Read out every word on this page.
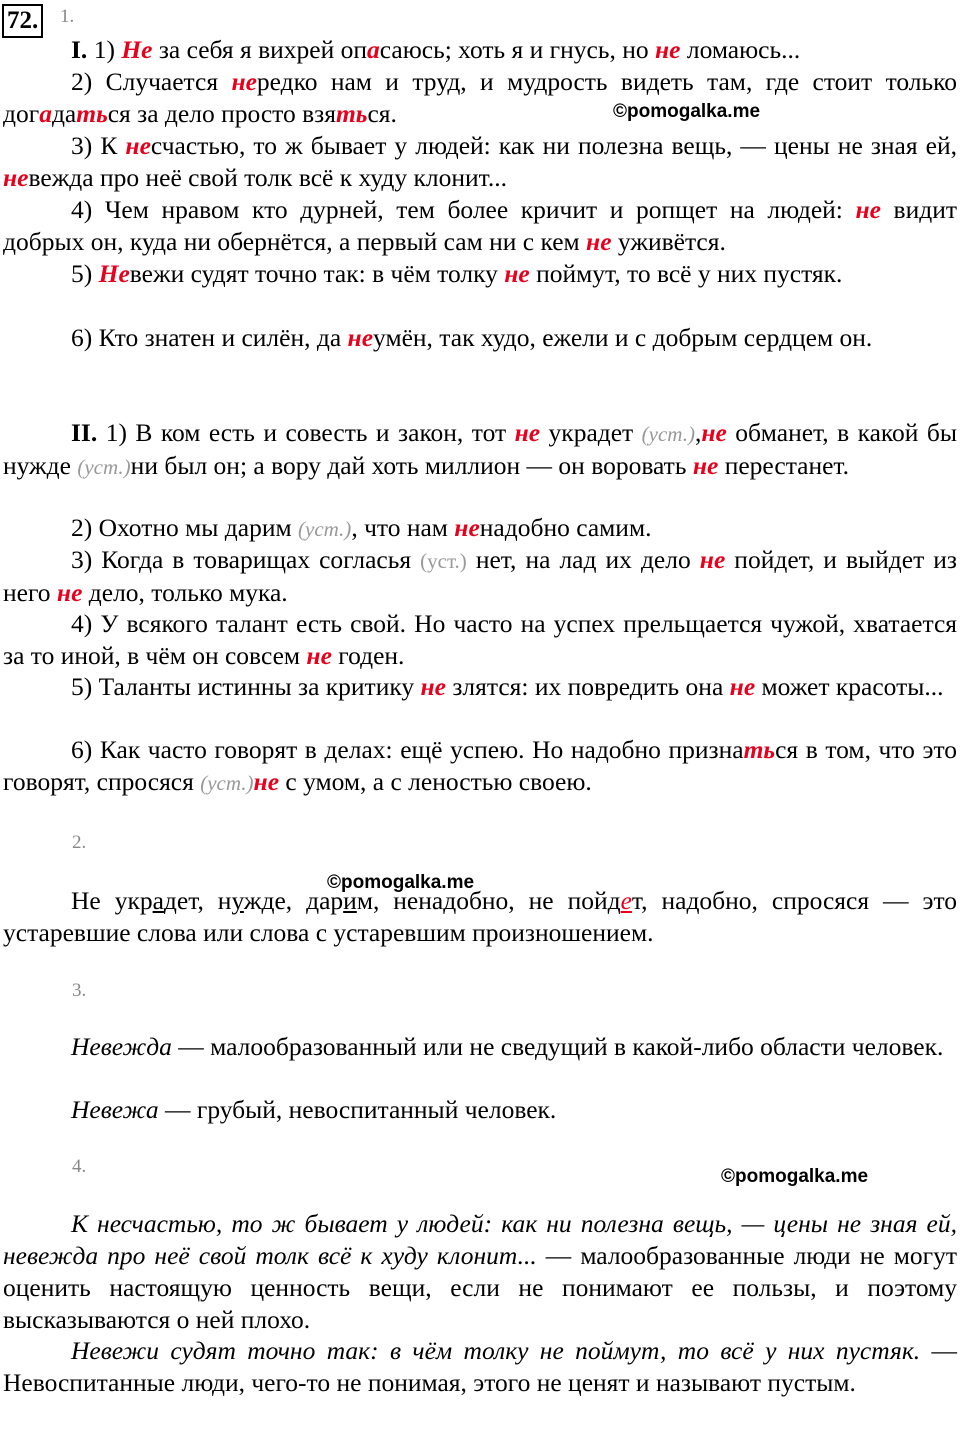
72. 1.

I. 1) Не за себя я вихрей опасаюсь; хоть я и гнусь, но не ломаюсь...

2) Случается нередко нам и труд, и мудрость видеть там, где стоит только догадаться за дело просто взяться.	©pomogalka.me

3) К несчастью, то ж бывает у людей: как ни полезна вещь, — цены не зная ей, невежда про неё свой толк всё к худу клонит...

4) Чем нравом кто дурней, тем более кричит и ропщет на людей: не видит добрых он, куда ни обернётся, а первый сам ни с кем не уживётся.

5) Невежи судят точно так: в чём толку не поймут, то всё у них пустяк.

6) Кто знатен и силён, да неумён, так худо, ежели и с добрым сердцем он.

II. 1) В ком есть и совесть и закон, тот не украдет (уст.),не обманет, в какой бы нужде (уст.)ни был он; а вору дай хоть миллион — он воровать не перестанет.

2) Охотно мы дарим (уст.), что нам ненадобно самим.

3) Когда в товарищах согласья (уст.) нет, на лад их дело не пойдет, и выйдет из него не дело, только мука.

4) У всякого талант есть свой. Но часто на успех прельщается чужой, хватается за то иной, в чём он совсем не годен.

5) Таланты истинны за критику не злятся: их повредить она не может красоты...

6) Как часто говорят в делах: ещё успею. Но надобно признаться в том, что это говорят, спросяся (уст.)не с умом, а с леностью своею.

2.
©pomogalka.me

Не украдет, нужде, дарим, ненадобно, не пойдет, надобно, спросяся — это устаревшие слова или слова с устаревшим произношением.

3.

Невежда — малообразованный или не сведущий в какой-либо области человек.

Невежа — грубый, невоспитанный человек.

4.	©pomogalka.me

К несчастью, то ж бывает у людей: как ни полезна вещь, — цены не зная ей, невежда про неё свой толк всё к худу клонит... — малообразованные люди не могут оценить настоящую ценность вещи, если не понимают ее пользы, и поэтому высказываются о ней плохо.

Невежи судят точно так: в чём толку не поймут, то всё у них пустяк. — Невоспитанные люди, чего-то не понимая, этого не ценят и называют пустым.
